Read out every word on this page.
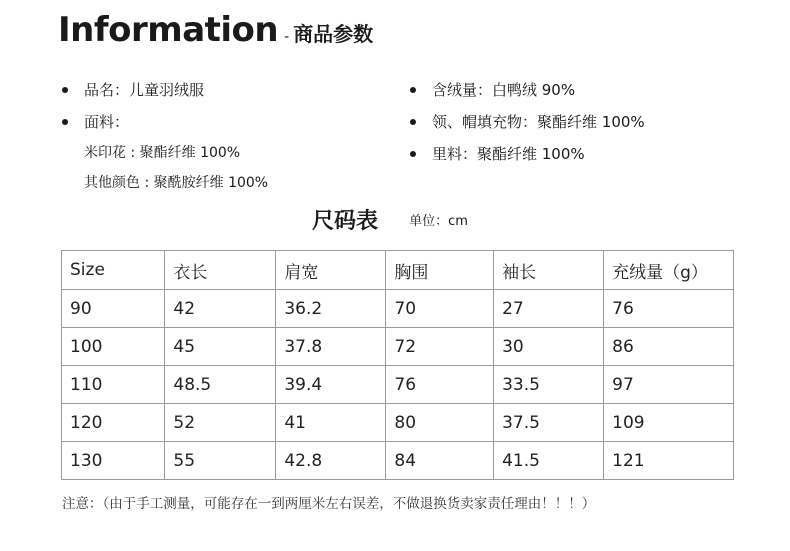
Information - 商品参数
品名：儿童羽绒服
面料：
米印花 : 聚酯纤维 100%
其他颜色 : 聚酰胺纤维 100%
含绒量：白鸭绒 90%
领、帽填充物：聚酯纤维 100%
里料：聚酯纤维 100%
尺码表 单位：cm
Size	衣长	肩宽	胸围	袖长	充绒量（g）
90	42	36.2	70	27	76
100	45	37.8	72	30	86
110	48.5	39.4	76	33.5	97
120	52	41	80	37.5	109
130	55	42.8	84	41.5	121
注意：（由于手工测量，可能存在一到两厘米左右误差，不做退换货卖家责任理由！！！）
